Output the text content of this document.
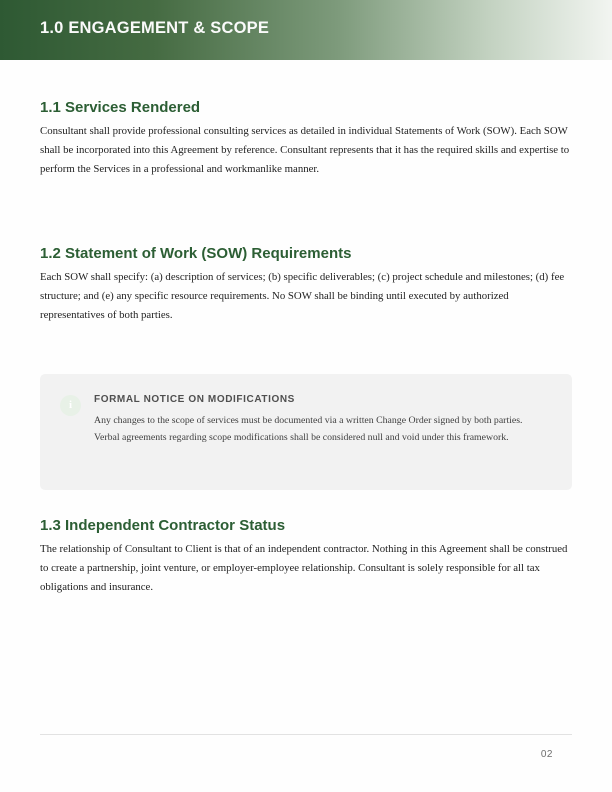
1.0 ENGAGEMENT & SCOPE
1.1 Services Rendered
Consultant shall provide professional consulting services as detailed in individual Statements of Work (SOW). Each SOW shall be incorporated into this Agreement by reference. Consultant represents that it has the required skills and expertise to perform the Services in a professional and workmanlike manner.
1.2 Statement of Work (SOW) Requirements
Each SOW shall specify: (a) description of services; (b) specific deliverables; (c) project schedule and milestones; (d) fee structure; and (e) any specific resource requirements. No SOW shall be binding until executed by authorized representatives of both parties.
i	FORMAL NOTICE ON MODIFICATIONS
Any changes to the scope of services must be documented via a written Change Order signed by both parties. Verbal agreements regarding scope modifications shall be considered null and void under this framework.
1.3 Independent Contractor Status
The relationship of Consultant to Client is that of an independent contractor. Nothing in this Agreement shall be construed to create a partnership, joint venture, or employer-employee relationship. Consultant is solely responsible for all tax obligations and insurance.
02
